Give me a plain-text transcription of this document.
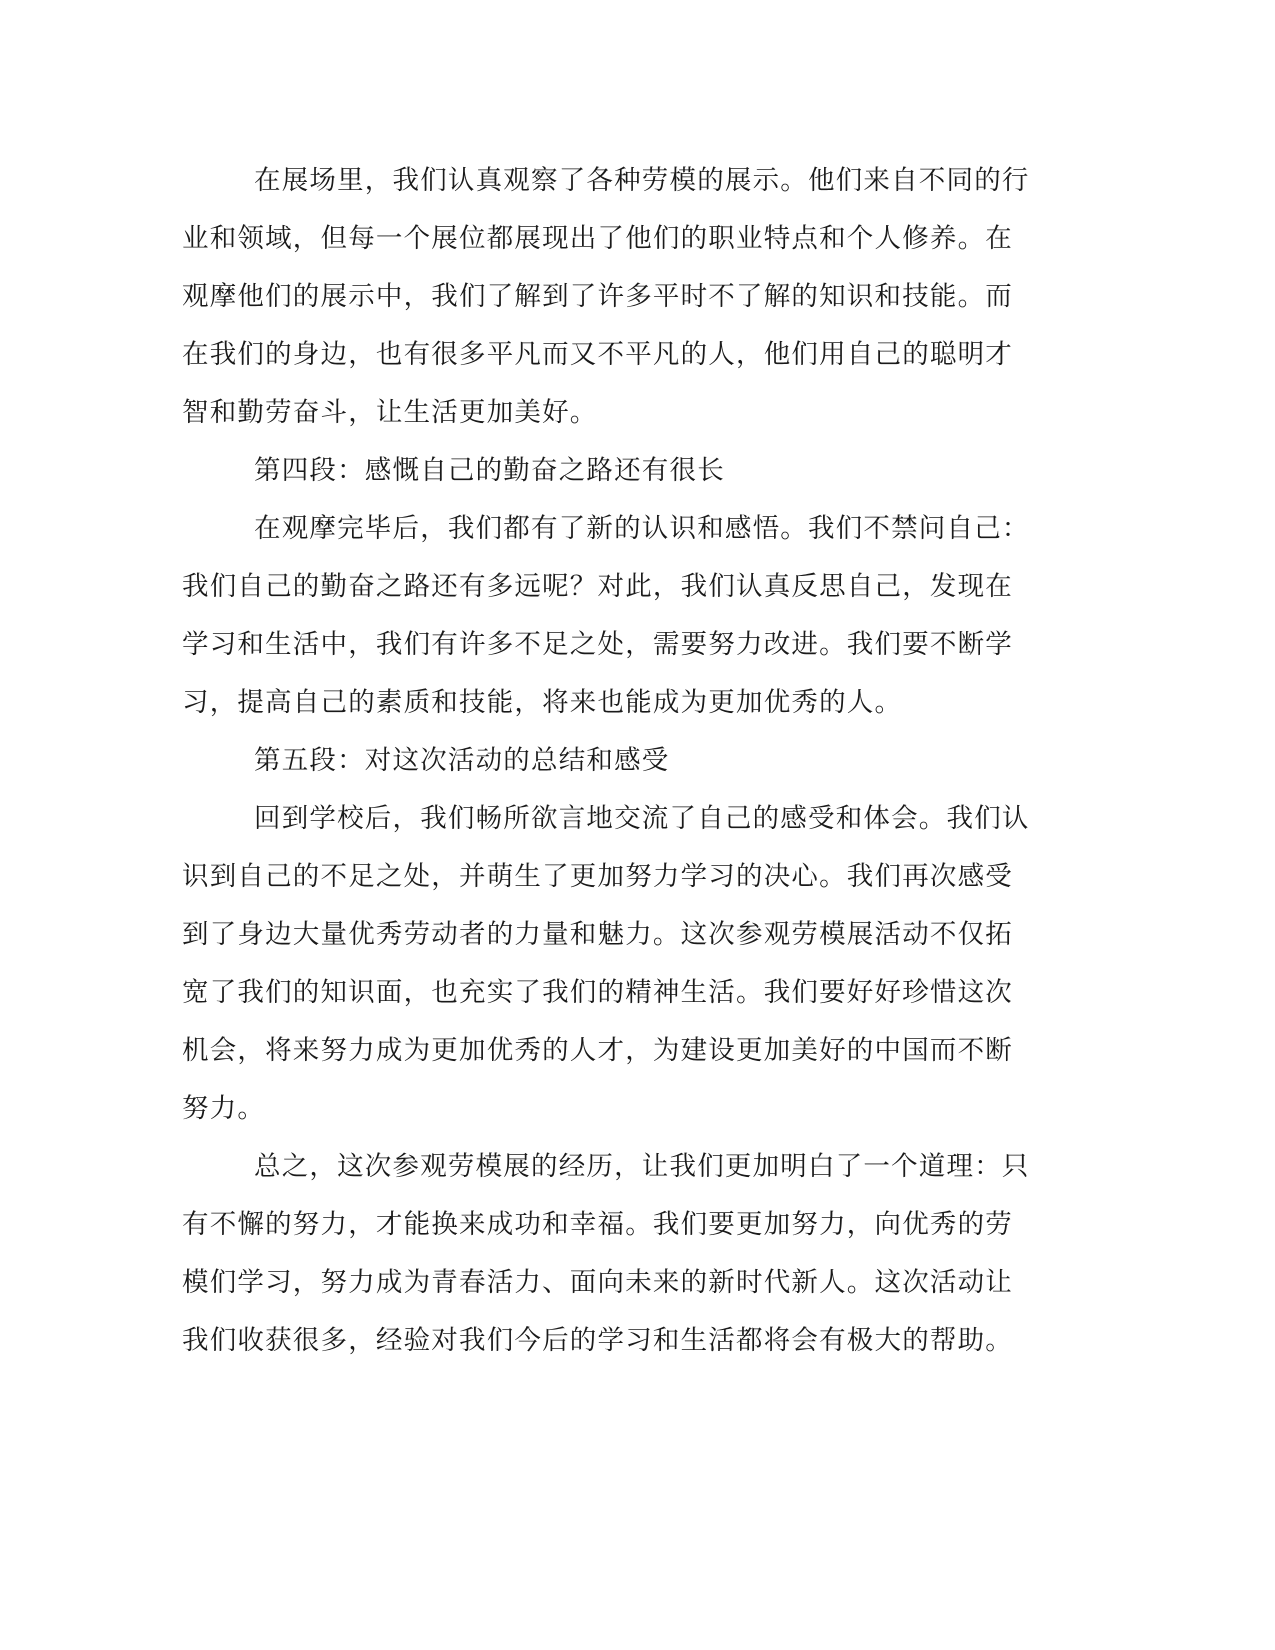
在展场里，我们认真观察了各种劳模的展示。他们来自不同的行业和领域，但每一个展位都展现出了他们的职业特点和个人修养。在观摩他们的展示中，我们了解到了许多平时不了解的知识和技能。而在我们的身边，也有很多平凡而又不平凡的人，他们用自己的聪明才智和勤劳奋斗，让生活更加美好。

第四段：感慨自己的勤奋之路还有很长

在观摩完毕后，我们都有了新的认识和感悟。我们不禁问自己：我们自己的勤奋之路还有多远呢？对此，我们认真反思自己，发现在学习和生活中，我们有许多不足之处，需要努力改进。我们要不断学习，提高自己的素质和技能，将来也能成为更加优秀的人。

第五段：对这次活动的总结和感受

回到学校后，我们畅所欲言地交流了自己的感受和体会。我们认识到自己的不足之处，并萌生了更加努力学习的决心。我们再次感受到了身边大量优秀劳动者的力量和魅力。这次参观劳模展活动不仅拓宽了我们的知识面，也充实了我们的精神生活。我们要好好珍惜这次机会，将来努力成为更加优秀的人才，为建设更加美好的中国而不断努力。

总之，这次参观劳模展的经历，让我们更加明白了一个道理：只有不懈的努力，才能换来成功和幸福。我们要更加努力，向优秀的劳模们学习，努力成为青春活力、面向未来的新时代新人。这次活动让我们收获很多，经验对我们今后的学习和生活都将会有极大的帮助。
